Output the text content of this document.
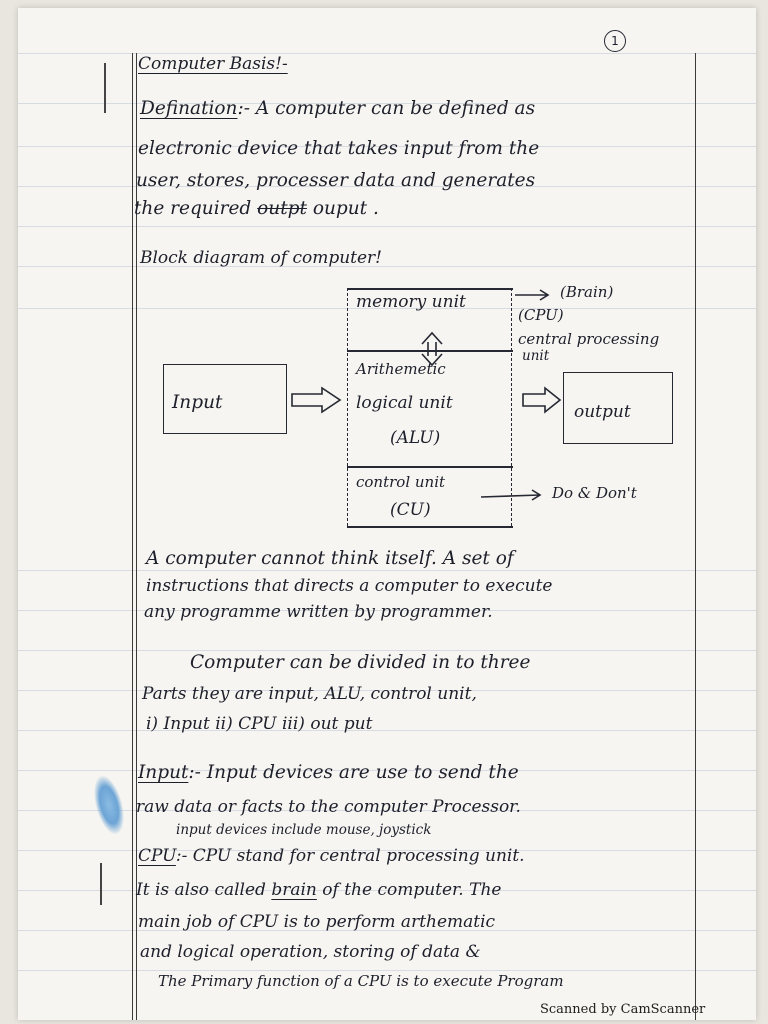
1
Computer Basis!-
Defination:- A computer can be defined as
electronic device that takes input from the
user, stores, processer data and generates
the required outpt ouput .
Block diagram of computer!
Input	output
memory unit
Arithemetic
logical unit
(ALU)
control unit
(CU)
(Brain)
(CPU)
central processing
unit
Do & Don't
A computer cannot think itself. A set of
instructions that directs a computer to execute
any programme written by programmer.
Computer can be divided in to three
Parts they are input, ALU, control unit,
i) Input ii) CPU iii) out put
Input:- Input devices are use to send the
raw data or facts to the computer Processor.
input devices include mouse, joystick
CPU:- CPU stand for central processing unit.
It is also called brain of the computer. The
main job of CPU is to perform arthematic
and logical operation, storing of data &
The Primary function of a CPU is to execute Program
Scanned by CamScanner
